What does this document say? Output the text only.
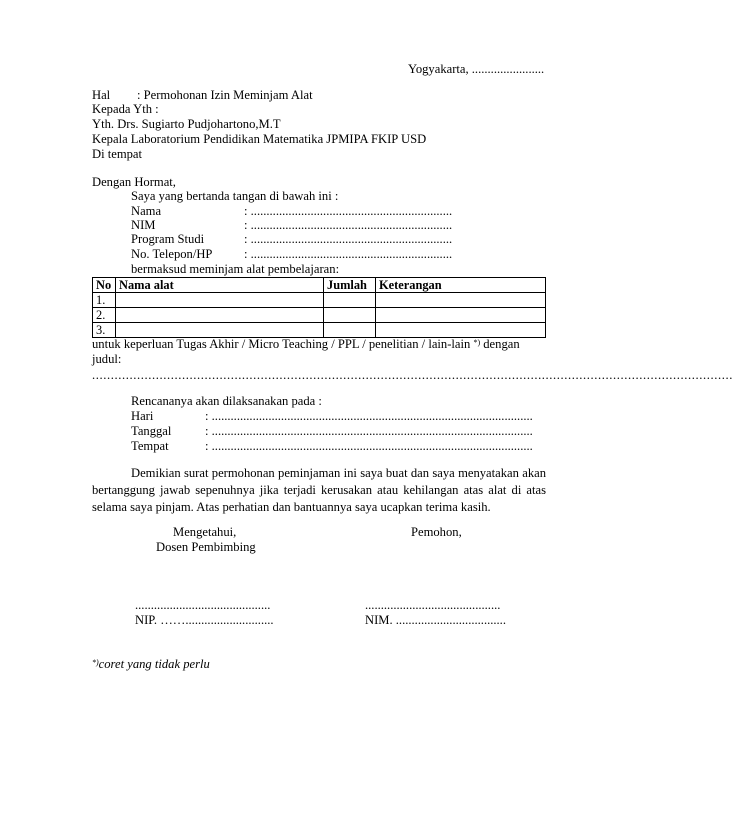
Yogyakarta, .......................
Hal : Permohonan Izin Meminjam Alat
Kepada Yth :
Yth. Drs. Sugiarto Pudjohartono,M.T
Kepala Laboratorium Pendidikan Matematika JPMIPA FKIP USD
Di tempat
Dengan Hormat,
Saya yang bertanda tangan di bawah ini :
Nama	: ................................................................
NIM	: ................................................................
Program Studi	: ................................................................
No. Telepon/HP	: ................................................................
bermaksud meminjam alat pembelajaran:
No	Nama alat	Jumlah	Keterangan
1.			
2.			
3.			
untuk keperluan Tugas Akhir / Micro Teaching / PPL / penelitian / lain-lain *) dengan
judul:
...........................................................................................................................................................................
Rencananya akan dilaksanakan pada :
Hari	: ......................................................................................................
Tanggal	: ......................................................................................................
Tempat	: ......................................................................................................
Demikian surat permohonan peminjaman ini saya buat dan saya menyatakan akan bertanggung jawab sepenuhnya jika terjadi kerusakan atau kehilangan atas alat di atas selama saya pinjam. Atas perhatian dan bantuannya saya ucapkan terima kasih.
Mengetahui,
Dosen Pembimbing
Pemohon,
...........................................
NIP. ……............................
...........................................
NIM. ...................................
*)coret yang tidak perlu
